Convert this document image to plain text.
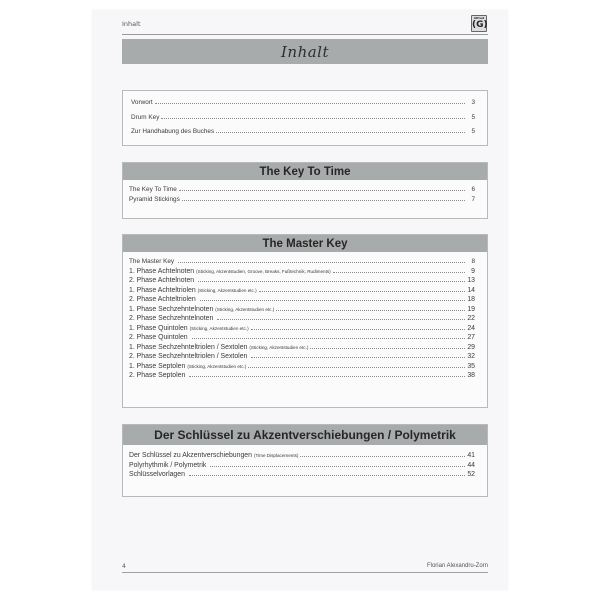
Inhalt
Alfred
(G)
Inhalt
Vorwort	3
Drum Key	5
Zur Handhabung des Buches	5
The Key To Time
The Key To Time	6
Pyramid Stickings	7
The Master Key
The Master Key	8
1. Phase Achtelnoten (Sticking, Akzentstudien, Groove, Breaks, Fußtechnik, Rudiments)	9
2. Phase Achtelnoten	13
1. Phase Achteltriolen (Sticking, Akzentstudien etc.)	14
2. Phase Achteltriolen	18
1. Phase Sechzehntelnoten (Sticking, Akzentstudien etc.)	19
2. Phase Sechzehntelnoten	22
1. Phase Quintolen (Sticking, Akzentstudien etc.)	24
2. Phase Quintolen	27
1. Phase Sechzehnteltriolen / Sextolen (Sticking, Akzentstudien etc.)	29
2. Phase Sechzehnteltriolen / Sextolen	32
1. Phase Septolen (Sticking, Akzentstudien etc.)	35
2. Phase Septolen	38
Der Schlüssel zu Akzentverschiebungen / Polymetrik
Der Schlüssel zu Akzentverschiebungen (Time Displacements)	41
Polyrhythmik / Polymetrik	44
Schlüsselvorlagen	52
4	Florian Alexandru-Zorn
